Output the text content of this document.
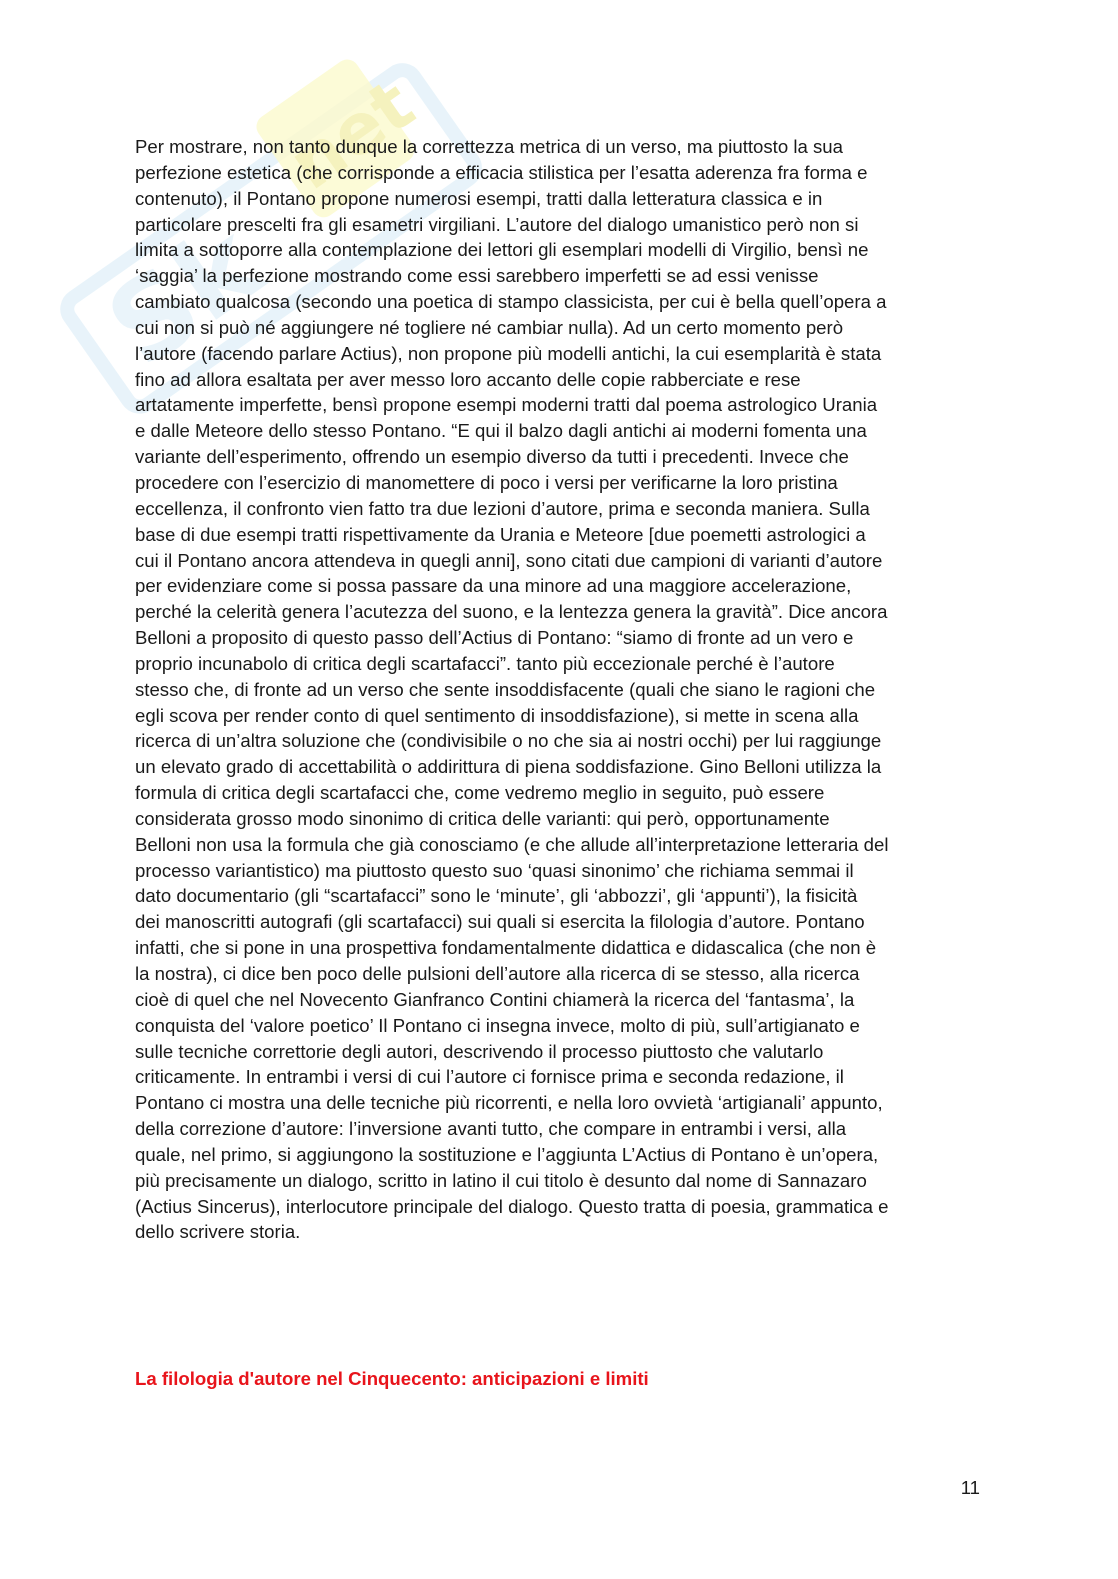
Sk
net
Per mostrare, non tanto dunque la correttezza metrica di un verso, ma piuttosto la sua
perfezione estetica (che corrisponde a efficacia stilistica per l’esatta aderenza fra forma e
contenuto), il Pontano propone numerosi esempi, tratti dalla letteratura classica e in
particolare prescelti fra gli esametri virgiliani. L’autore del dialogo umanistico però non si
limita a sottoporre alla contemplazione dei lettori gli esemplari modelli di Virgilio, bensì ne
‘saggia’ la perfezione mostrando come essi sarebbero imperfetti se ad essi venisse
cambiato qualcosa (secondo una poetica di stampo classicista, per cui è bella quell’opera a
cui non si può né aggiungere né togliere né cambiar nulla). Ad un certo momento però
l’autore (facendo parlare Actius), non propone più modelli antichi, la cui esemplarità è stata
fino ad allora esaltata per aver messo loro accanto delle copie rabberciate e rese
artatamente imperfette, bensì propone esempi moderni tratti dal poema astrologico Urania
e dalle Meteore dello stesso Pontano. “E qui il balzo dagli antichi ai moderni fomenta una
variante dell’esperimento, offrendo un esempio diverso da tutti i precedenti. Invece che
procedere con l’esercizio di manomettere di poco i versi per verificarne la loro pristina
eccellenza, il confronto vien fatto tra due lezioni d’autore, prima e seconda maniera. Sulla
base di due esempi tratti rispettivamente da Urania e Meteore [due poemetti astrologici a
cui il Pontano ancora attendeva in quegli anni], sono citati due campioni di varianti d’autore
per evidenziare come si possa passare da una minore ad una maggiore accelerazione,
perché la celerità genera l’acutezza del suono, e la lentezza genera la gravità”. Dice ancora
Belloni a proposito di questo passo dell’Actius di Pontano: “siamo di fronte ad un vero e
proprio incunabolo di critica degli scartafacci”. tanto più eccezionale perché è l’autore
stesso che, di fronte ad un verso che sente insoddisfacente (quali che siano le ragioni che
egli scova per render conto di quel sentimento di insoddisfazione), si mette in scena alla
ricerca di un’altra soluzione che (condivisibile o no che sia ai nostri occhi) per lui raggiunge
un elevato grado di accettabilità o addirittura di piena soddisfazione. Gino Belloni utilizza la
formula di critica degli scartafacci che, come vedremo meglio in seguito, può essere
considerata grosso modo sinonimo di critica delle varianti: qui però, opportunamente
Belloni non usa la formula che già conosciamo (e che allude all’interpretazione letteraria del
processo variantistico) ma piuttosto questo suo ‘quasi sinonimo’ che richiama semmai il
dato documentario (gli “scartafacci” sono le ‘minute’, gli ‘abbozzi’, gli ‘appunti’), la fisicità
dei manoscritti autografi (gli scartafacci) sui quali si esercita la filologia d’autore. Pontano
infatti, che si pone in una prospettiva fondamentalmente didattica e didascalica (che non è
la nostra), ci dice ben poco delle pulsioni dell’autore alla ricerca di se stesso, alla ricerca
cioè di quel che nel Novecento Gianfranco Contini chiamerà la ricerca del ‘fantasma’, la
conquista del ‘valore poetico’ Il Pontano ci insegna invece, molto di più, sull’artigianato e
sulle tecniche correttorie degli autori, descrivendo il processo piuttosto che valutarlo
criticamente. In entrambi i versi di cui l’autore ci fornisce prima e seconda redazione, il
Pontano ci mostra una delle tecniche più ricorrenti, e nella loro ovvietà ‘artigianali’ appunto,
della correzione d’autore: l’inversione avanti tutto, che compare in entrambi i versi, alla
quale, nel primo, si aggiungono la sostituzione e l’aggiunta L’Actius di Pontano è un’opera,
più precisamente un dialogo, scritto in latino il cui titolo è desunto dal nome di Sannazaro
(Actius Sincerus), interlocutore principale del dialogo. Questo tratta di poesia, grammatica e
dello scrivere storia.
La filologia d'autore nel Cinquecento: anticipazioni e limiti
11
